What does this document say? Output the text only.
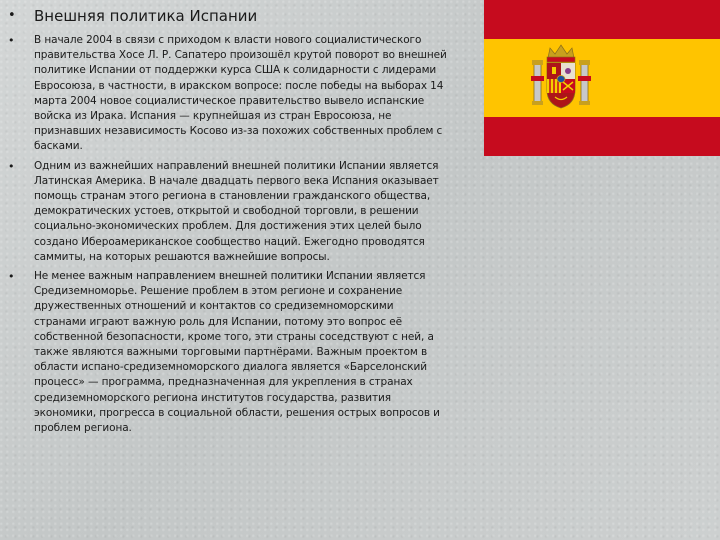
• Внешняя политика Испании
• В начале 2004 в связи с приходом к власти нового социалистического
правительства Хосе Л. Р. Сапатеро произошёл крутой поворот во внешней
политике Испании от поддержки курса США к солидарности с лидерами
Евросоюза, в частности, в иракском вопросе: после победы на выборах 14
марта 2004 новое социалистическое правительство вывело испанские
войска из Ирака. Испания — крупнейшая из стран Евросоюза, не
признавших независимость Косово из-за похожих собственных проблем с
басками.

• Одним из важнейших направлений внешней политики Испании является
Латинская Америка. В начале двадцать первого века Испания оказывает
помощь странам этого региона в становлении гражданского общества,
демократических устоев, открытой и свободной торговли, в решении
социально-экономических проблем. Для достижения этих целей было
создано Ибероамериканское сообщество наций. Ежегодно проводятся
саммиты, на которых решаются важнейшие вопросы.

• Не менее важным направлением внешней политики Испании является
Средиземноморье. Решение проблем в этом регионе и сохранение
дружественных отношений и контактов со средиземноморскими
странами играют важную роль для Испании, потому это вопрос её
собственной безопасности, кроме того, эти страны соседствуют с ней, а
также являются важными торговыми партнёрами. Важным проектом в
области испано-средиземноморского диалога является «Барселонский
процесс» — программа, предназначенная для укрепления в странах
средиземноморского региона институтов государства, развития
экономики, прогресса в социальной области, решения острых вопросов и
проблем региона.
